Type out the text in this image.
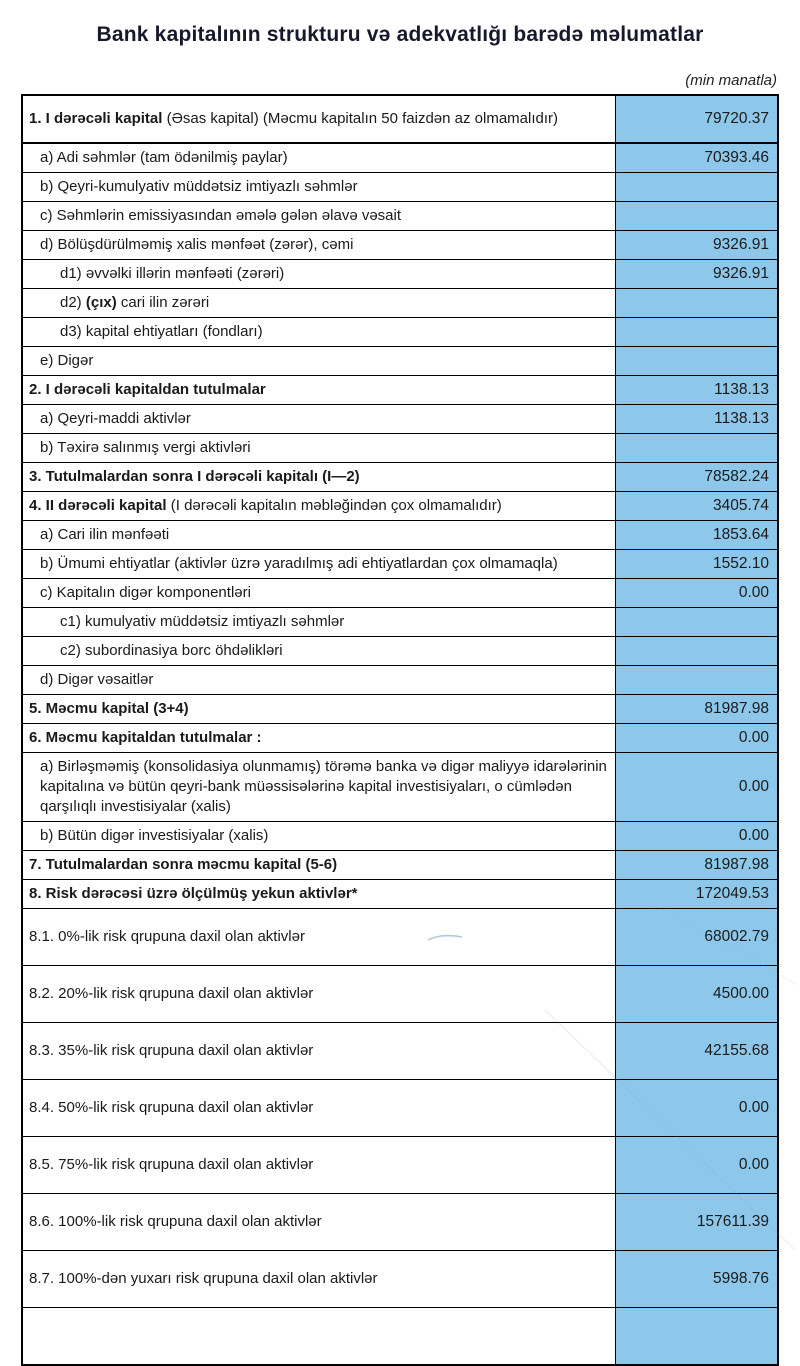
Bank kapitalının strukturu və adekvatlığı barədə məlumatlar
(min manatla)
1. I dərəcəli kapital (Əsas kapital) (Məcmu kapitalın 50 faizdən az olmamalıdır)	79720.37
a) Adi səhmlər (tam ödənilmiş paylar)	70393.46
b) Qeyri-kumulyativ müddətsiz imtiyazlı səhmlər	
c) Səhmlərin emissiyasından əmələ gələn əlavə vəsait	
d) Bölüşdürülməmiş xalis mənfəət (zərər), cəmi	9326.91
d1) əvvəlki illərin mənfəəti (zərəri)	9326.91
d2) (çıx) cari ilin zərəri	
d3) kapital ehtiyatları (fondları)	
e) Digər	
2. I dərəcəli kapitaldan tutulmalar	1138.13
a) Qeyri-maddi aktivlər	1138.13
b) Təxirə salınmış vergi aktivləri	
3. Tutulmalardan sonra I dərəcəli kapitalı (I—2)	78582.24
4. II dərəcəli kapital (I dərəcəli kapitalın məbləğindən çox olmamalıdır)	3405.74
a) Cari ilin mənfəəti	1853.64
b) Ümumi ehtiyatlar (aktivlər üzrə yaradılmış adi ehtiyatlardan çox olmamaqla)	1552.10
c) Kapitalın digər komponentləri	0.00
c1) kumulyativ müddətsiz imtiyazlı səhmlər	
c2) subordinasiya borc öhdəlikləri	
d) Digər vəsaitlər	
5. Məcmu kapital (3+4)	81987.98
6. Məcmu kapitaldan tutulmalar :	0.00
a) Birləşməmiş (konsolidasiya olunmamış) törəmə banka və digər maliyyə idarələrinin kapitalına və bütün qeyri-bank müəssisələrinə kapital investisiyaları, o cümlədən qarşılıqlı investisiyalar (xalis)	0.00
b) Bütün digər investisiyalar (xalis)	0.00
7. Tutulmalardan sonra məcmu kapital (5-6)	81987.98
8. Risk dərəcəsi üzrə ölçülmüş yekun aktivlər*	172049.53
8.1. 0%-lik risk qrupuna daxil olan aktivlər	68002.79
8.2. 20%-lik risk qrupuna daxil olan aktivlər	4500.00
8.3. 35%-lik risk qrupuna daxil olan aktivlər	42155.68
8.4. 50%-lik risk qrupuna daxil olan aktivlər	0.00
8.5. 75%-lik risk qrupuna daxil olan aktivlər	0.00
8.6. 100%-lik risk qrupuna daxil olan aktivlər	157611.39
8.7. 100%-dən yuxarı risk qrupuna daxil olan aktivlər	5998.76
